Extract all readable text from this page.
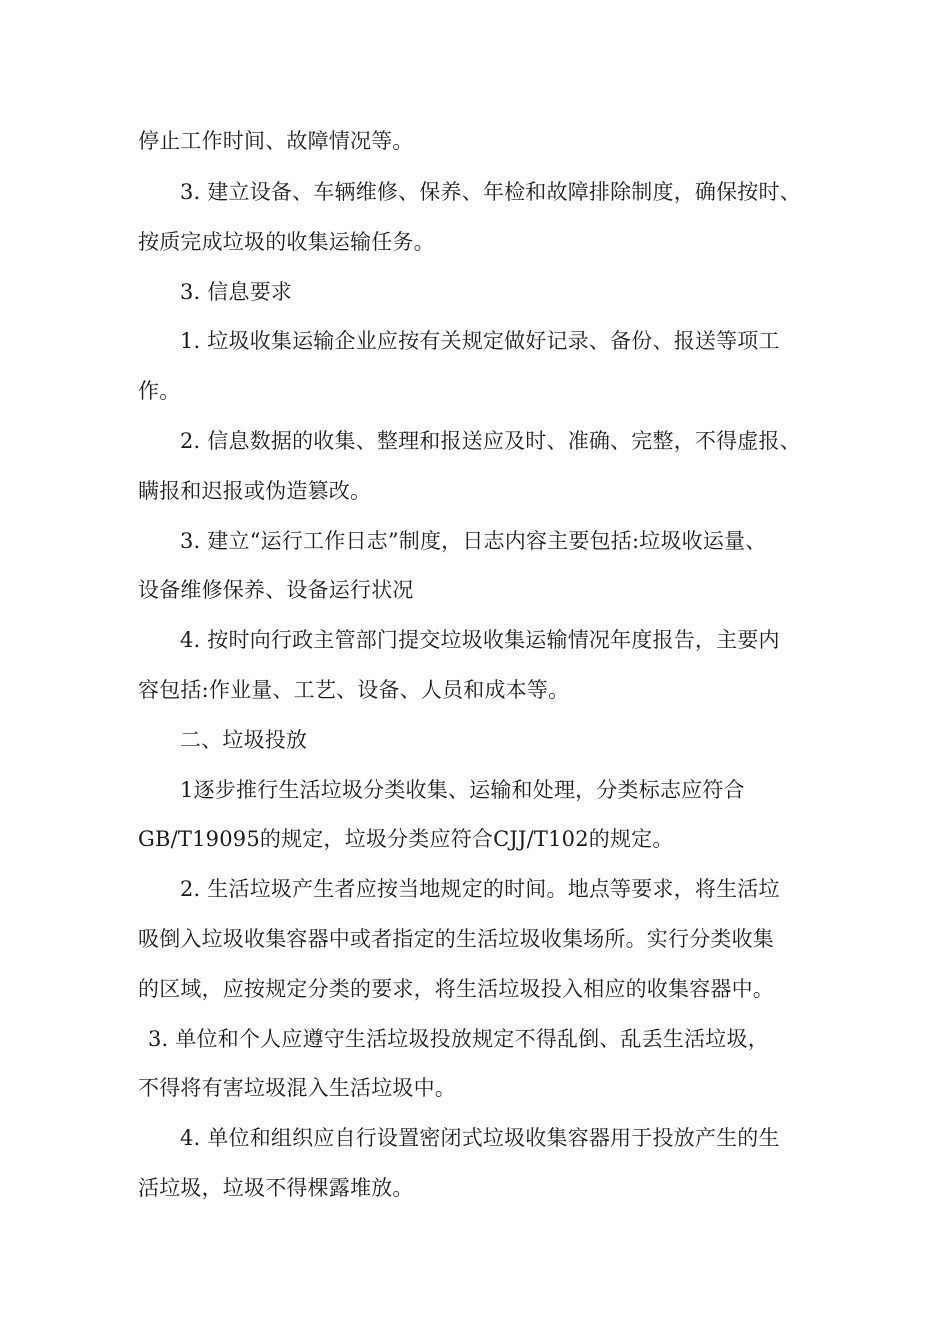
停止工作时间、故障情况等。
3. 建立设备、车辆维修、保养、年检和故障排除制度，确保按时、
按质完成垃圾的收集运输任务。
3. 信息要求
1. 垃圾收集运输企业应按有关规定做好记录、备份、报送等项工
作。
2. 信息数据的收集、整理和报送应及时、准确、完整，不得虚报、
瞒报和迟报或伪造篡改。
3. 建立“运行工作日志”制度，日志内容主要包括:垃圾收运量、
设备维修保养、设备运行状况
4. 按时向行政主管部门提交垃圾收集运输情况年度报告，主要内
容包括:作业量、工艺、设备、人员和成本等。
二、垃圾投放
1逐步推行生活垃圾分类收集、运输和处理，分类标志应符合
GB/T19095的规定，垃圾分类应符合CJJ/T102的规定。
2. 生活垃圾产生者应按当地规定的时间。地点等要求，将生活垃
吸倒入垃圾收集容器中或者指定的生活垃圾收集场所。实行分类收集
的区域，应按规定分类的要求，将生活垃圾投入相应的收集容器中。
3. 单位和个人应遵守生活垃圾投放规定不得乱倒、乱丢生活垃圾，
不得将有害垃圾混入生活垃圾中。
4. 单位和组织应自行设置密闭式垃圾收集容器用于投放产生的生
活垃圾，垃圾不得棵露堆放。
